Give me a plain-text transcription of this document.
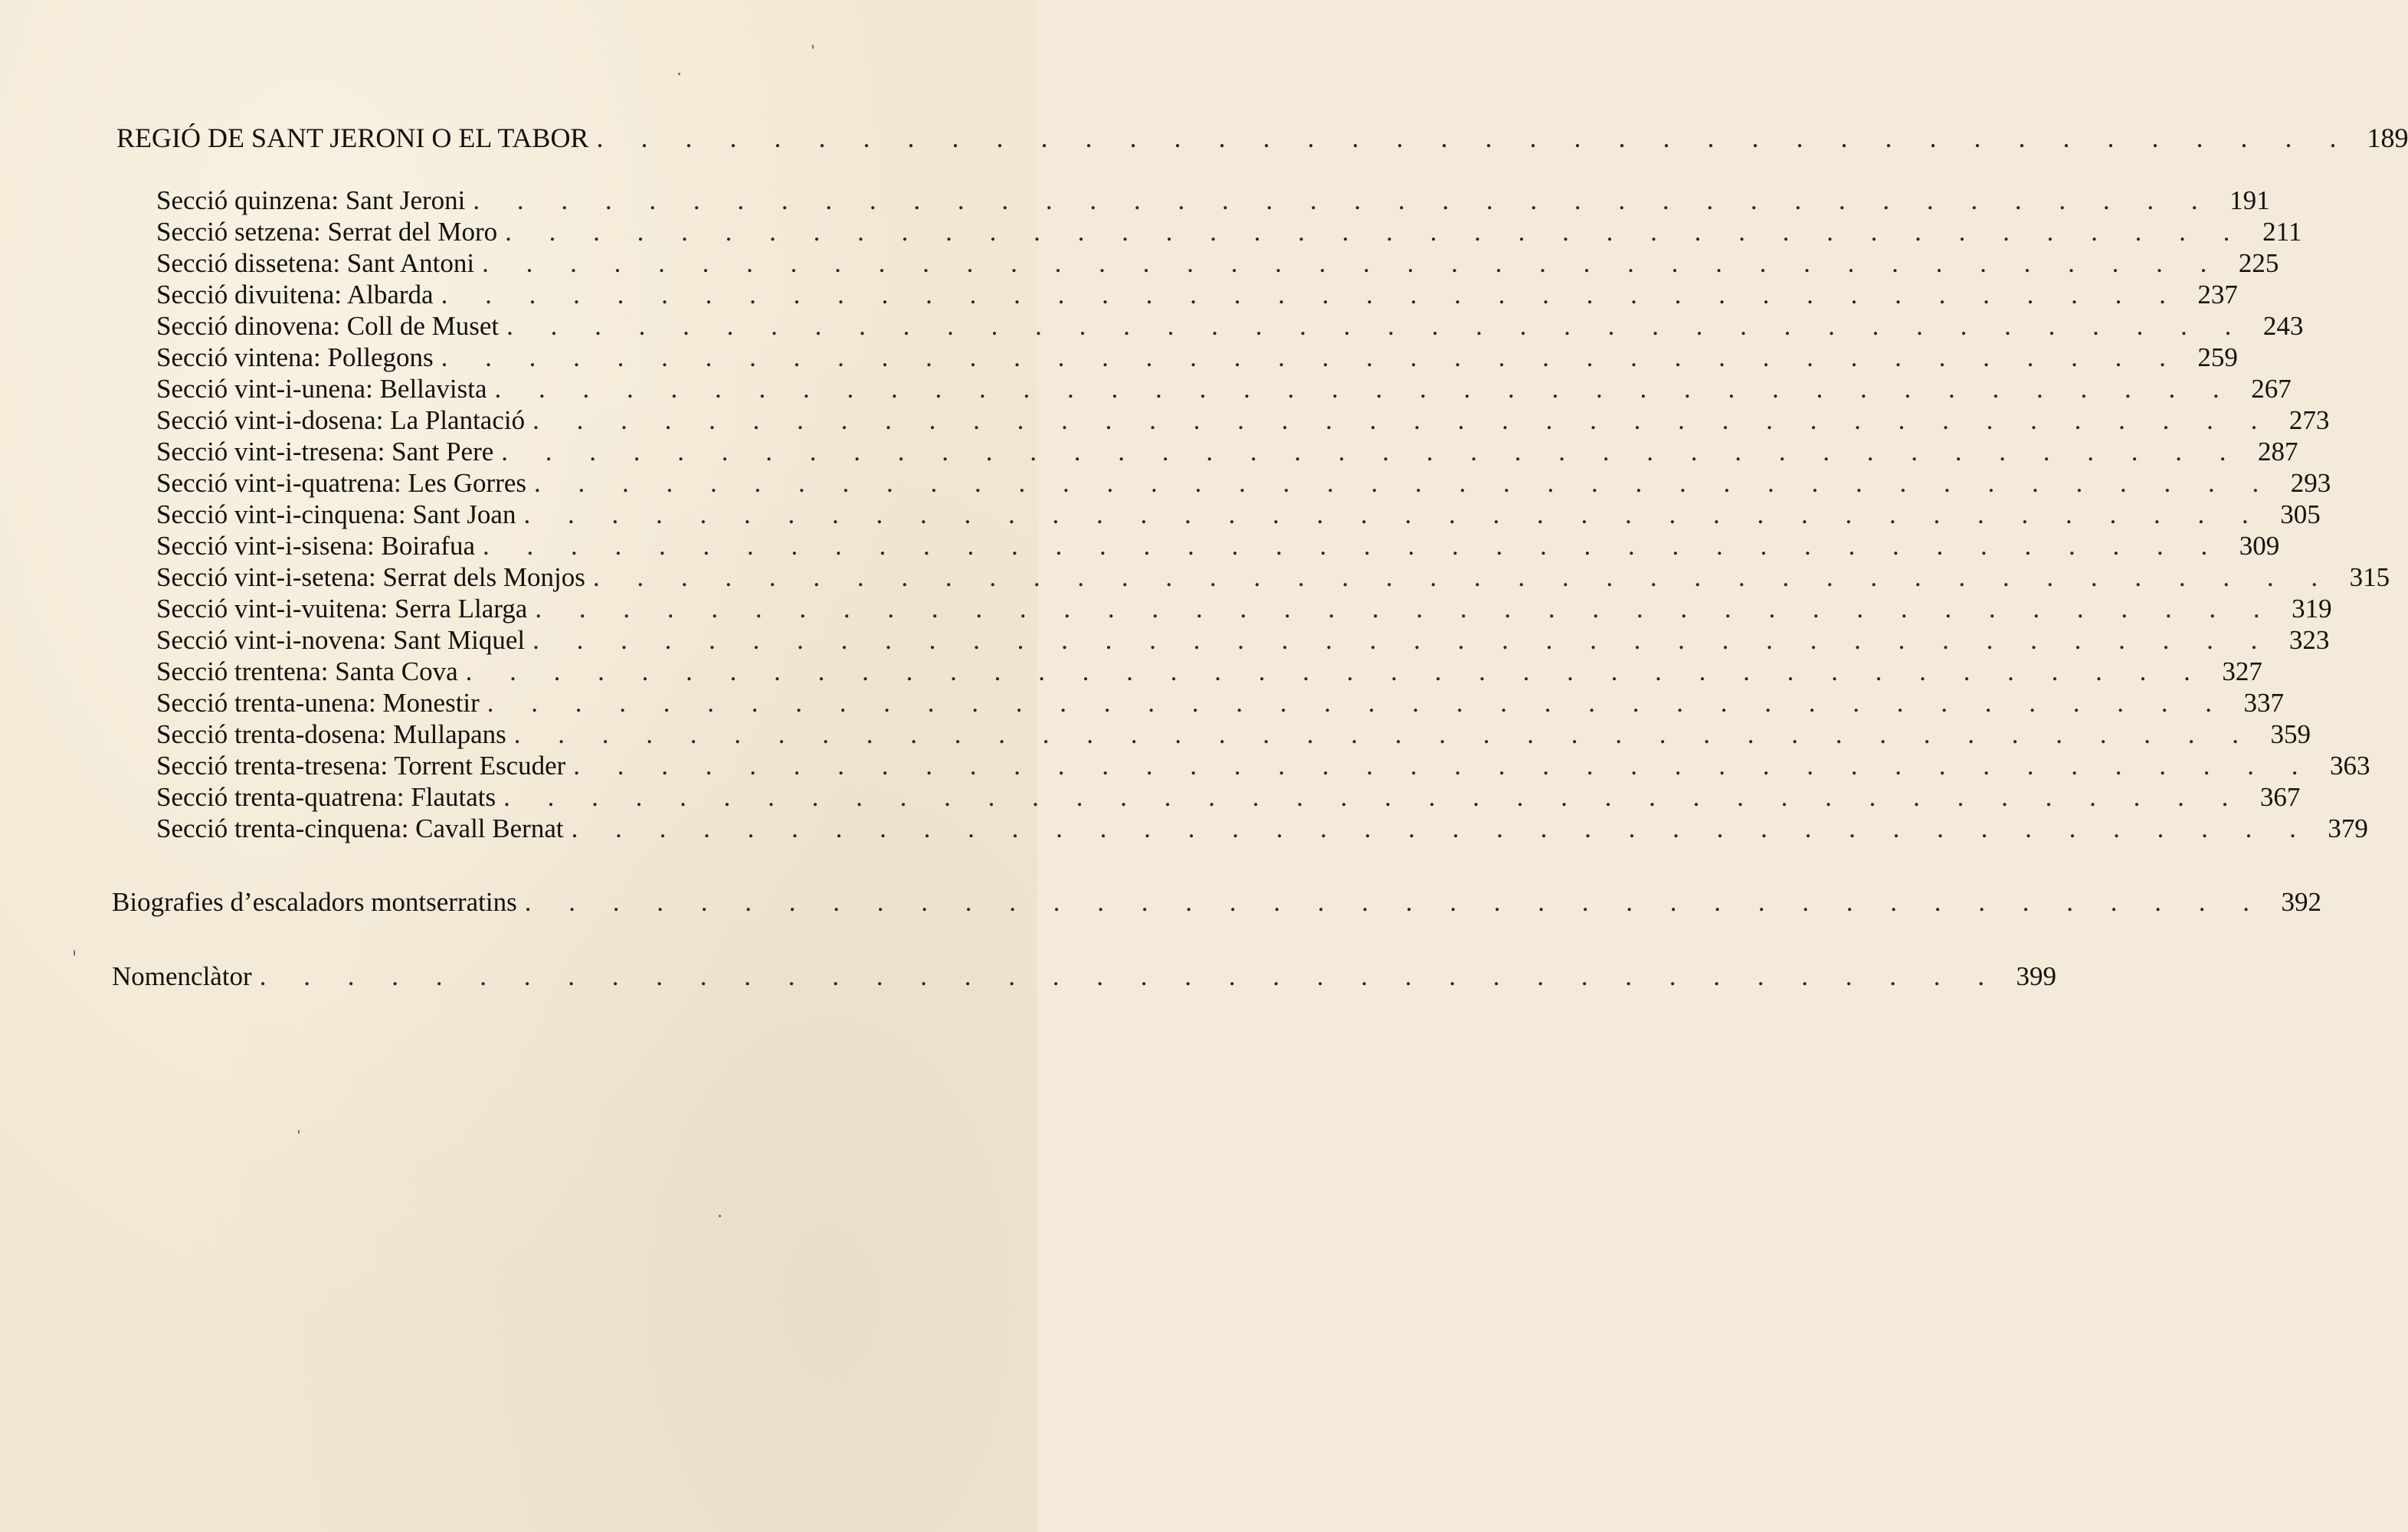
REGIÓ DE SANT JERONI O EL TABOR . . . . . . . . . . . . . . . . . . . . . . . . . . . . . . . . . . . . . . . . 189
Secció quinzena: Sant Jeroni . . . . . . . . . . . . . . . . . . . . . . . . . . . . . . . . . . . . . . . . 191
Secció setzena: Serrat del Moro . . . . . . . . . . . . . . . . . . . . . . . . . . . . . . . . . . . . . . . . 211
Secció dissetena: Sant Antoni . . . . . . . . . . . . . . . . . . . . . . . . . . . . . . . . . . . . . . . . 225
Secció divuitena: Albarda . . . . . . . . . . . . . . . . . . . . . . . . . . . . . . . . . . . . . . . . 237
Secció dinovena: Coll de Muset . . . . . . . . . . . . . . . . . . . . . . . . . . . . . . . . . . . . . . . . 243
Secció vintena: Pollegons . . . . . . . . . . . . . . . . . . . . . . . . . . . . . . . . . . . . . . . . 259
Secció vint-i-unena: Bellavista . . . . . . . . . . . . . . . . . . . . . . . . . . . . . . . . . . . . . . . . 267
Secció vint-i-dosena: La Plantació . . . . . . . . . . . . . . . . . . . . . . . . . . . . . . . . . . . . . . . . 273
Secció vint-i-tresena: Sant Pere . . . . . . . . . . . . . . . . . . . . . . . . . . . . . . . . . . . . . . . . 287
Secció vint-i-quatrena: Les Gorres . . . . . . . . . . . . . . . . . . . . . . . . . . . . . . . . . . . . . . . . 293
Secció vint-i-cinquena: Sant Joan . . . . . . . . . . . . . . . . . . . . . . . . . . . . . . . . . . . . . . . . 305
Secció vint-i-sisena: Boirafua . . . . . . . . . . . . . . . . . . . . . . . . . . . . . . . . . . . . . . . . 309
Secció vint-i-setena: Serrat dels Monjos . . . . . . . . . . . . . . . . . . . . . . . . . . . . . . . . . . . . . . . . 315
Secció vint-i-vuitena: Serra Llarga . . . . . . . . . . . . . . . . . . . . . . . . . . . . . . . . . . . . . . . . 319
Secció vint-i-novena: Sant Miquel . . . . . . . . . . . . . . . . . . . . . . . . . . . . . . . . . . . . . . . . 323
Secció trentena: Santa Cova . . . . . . . . . . . . . . . . . . . . . . . . . . . . . . . . . . . . . . . . 327
Secció trenta-unena: Monestir . . . . . . . . . . . . . . . . . . . . . . . . . . . . . . . . . . . . . . . . 337
Secció trenta-dosena: Mullapans . . . . . . . . . . . . . . . . . . . . . . . . . . . . . . . . . . . . . . . . 359
Secció trenta-tresena: Torrent Escuder . . . . . . . . . . . . . . . . . . . . . . . . . . . . . . . . . . . . . . . . 363
Secció trenta-quatrena: Flautats . . . . . . . . . . . . . . . . . . . . . . . . . . . . . . . . . . . . . . . . 367
Secció trenta-cinquena: Cavall Bernat . . . . . . . . . . . . . . . . . . . . . . . . . . . . . . . . . . . . . . . . 379
Biografies d’escaladors montserratins . . . . . . . . . . . . . . . . . . . . . . . . . . . . . . . . . . . . . . . . 392
Nomenclàtor . . . . . . . . . . . . . . . . . . . . . . . . . . . . . . . . . . . . . . . . 399
